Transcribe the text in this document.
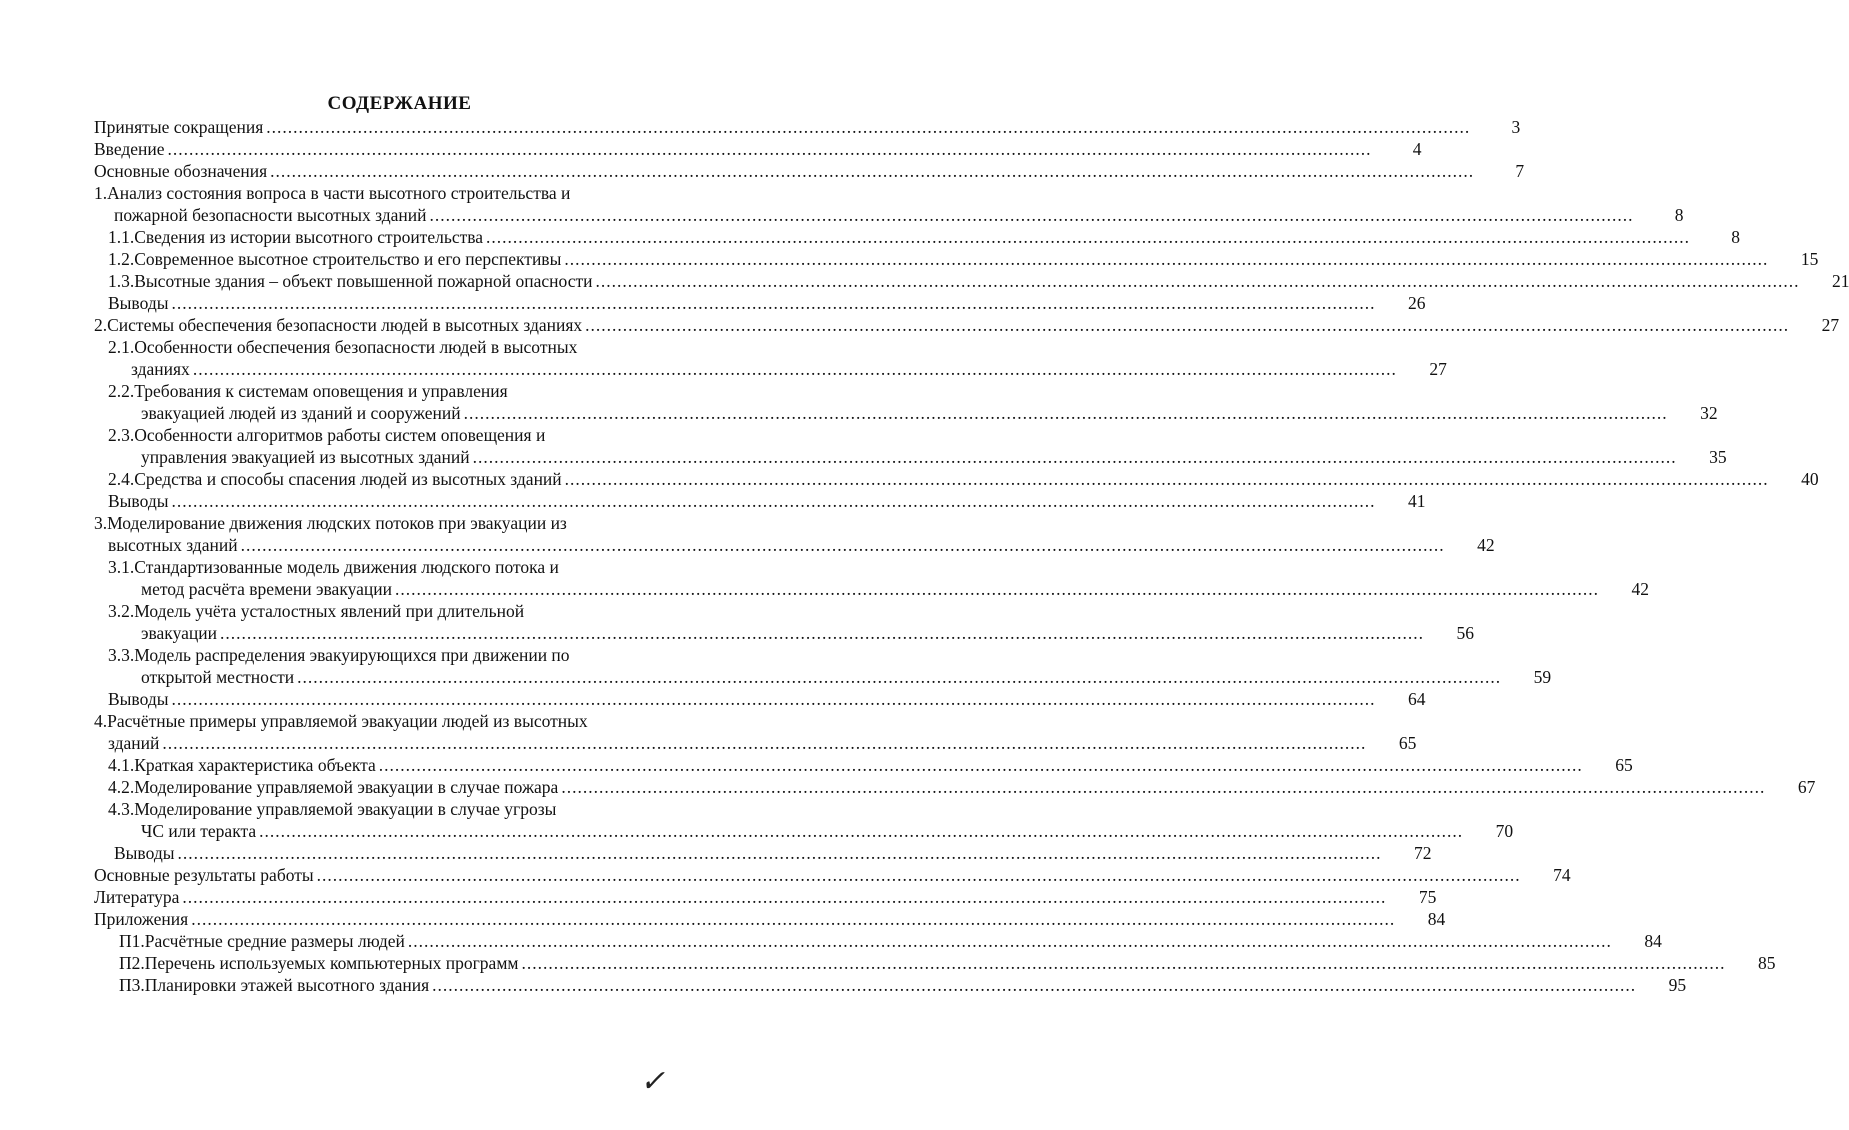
СОДЕРЖАНИЕ
Принятые сокращения .....	3
Введение .....	4
Основные обозначения .....	7
1.Анализ состояния вопроса в части высотного строительства и
пожарной безопасности высотных зданий .....	8
1.1.Сведения из истории высотного строительства .....	8
1.2.Современное высотное строительство и его перспективы .....	15
1.3.Высотные здания – объект повышенной пожарной опасности .....	21
Выводы .....	26
2.Системы обеспечения безопасности людей в высотных зданиях .....	27
2.1.Особенности обеспечения безопасности людей в высотных
зданиях .....	27
2.2.Требования к системам оповещения и управления
эвакуацией людей из зданий и сооружений .....	32
2.3.Особенности алгоритмов работы систем оповещения и
управления эвакуацией из высотных зданий .....	35
2.4.Средства и способы спасения людей из высотных зданий .....	40
Выводы .....	41
3.Моделирование движения людских потоков при эвакуации из
высотных зданий .....	42
3.1.Стандартизованные модель движения людского потока и
метод расчёта времени эвакуации .....	42
3.2.Модель учёта усталостных явлений при длительной
эвакуации .....	56
3.3.Модель распределения эвакуирующихся при движении по
открытой местности .....	59
Выводы .....	64
4.Расчётные примеры управляемой эвакуации людей из высотных
зданий .....	65
4.1.Краткая характеристика объекта .....	65
4.2.Моделирование управляемой эвакуации в случае пожара .....	67
4.3.Моделирование управляемой эвакуации в случае угрозы
ЧС или теракта .....	70
Выводы .....	72
Основные результаты работы .....	74
Литература .....	75
Приложения .....	84
П1.Расчётные средние размеры людей .....	84
П2.Перечень используемых компьютерных программ .....	85
П3.Планировки этажей высотного здания .....	95
✓
